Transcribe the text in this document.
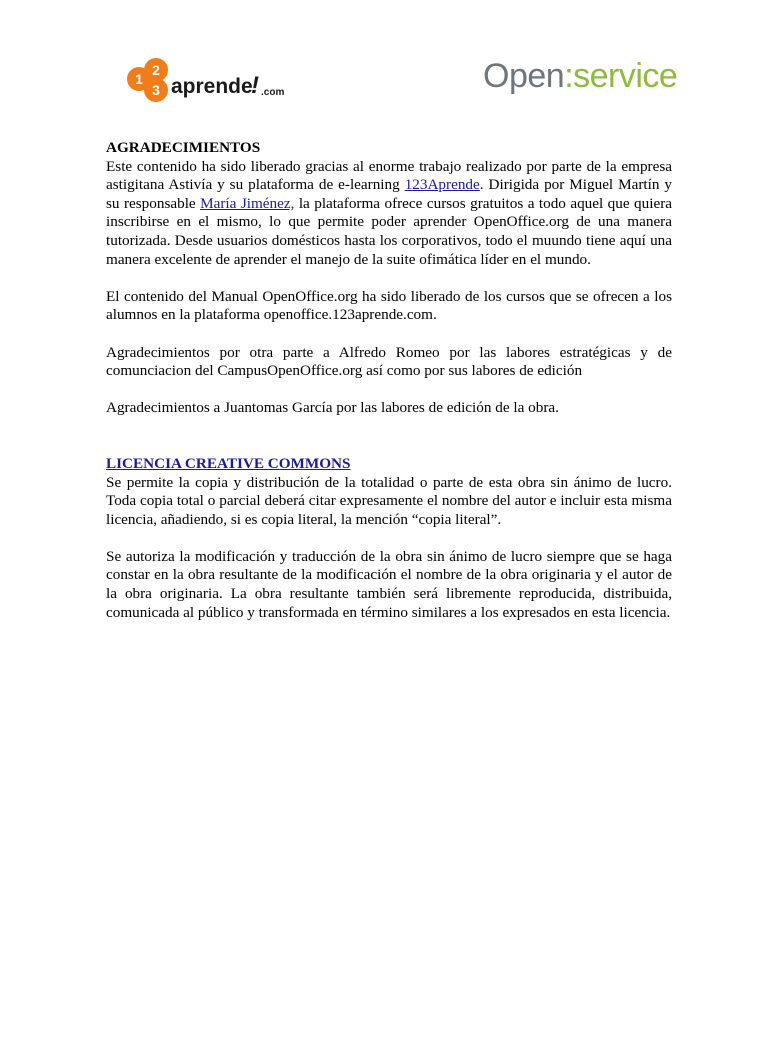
1
2
3 aprende
! .com	Open:service
AGRADECIMIENTOS

Este contenido ha sido liberado gracias al enorme trabajo realizado por parte de la empresa astigitana Astivía y su plataforma de e-learning 123Aprende. Dirigida por Miguel Martín y su responsable María Jiménez, la plataforma ofrece cursos gratuitos a todo aquel que quiera inscribirse en el mismo, lo que permite poder aprender OpenOffice.org de una manera tutorizada. Desde usuarios domésticos hasta los corporativos, todo el muundo tiene aquí una manera excelente de aprender el manejo de la suite ofimática líder en el mundo.

El contenido del Manual OpenOffice.org ha sido liberado de los cursos que se ofrecen a los alumnos en la plataforma openoffice.123aprende.com.

Agradecimientos por otra parte a Alfredo Romeo por las labores estratégicas y de comunciacion del CampusOpenOffice.org así como por sus labores de edición

Agradecimientos a Juantomas García por las labores de edición de la obra.

LICENCIA CREATIVE COMMONS

Se permite la copia y distribución de la totalidad o parte de esta obra sin ánimo de lucro. Toda copia total o parcial deberá citar expresamente el nombre del autor e incluir esta misma licencia, añadiendo, si es copia literal, la mención “copia literal”.

Se autoriza la modificación y traducción de la obra sin ánimo de lucro siempre que se haga constar en la obra resultante de la modificación el nombre de la obra originaria y el autor de la obra originaria. La obra resultante también será libremente reproducida, distribuida, comunicada al público y transformada en término similares a los expresados en esta licencia.
